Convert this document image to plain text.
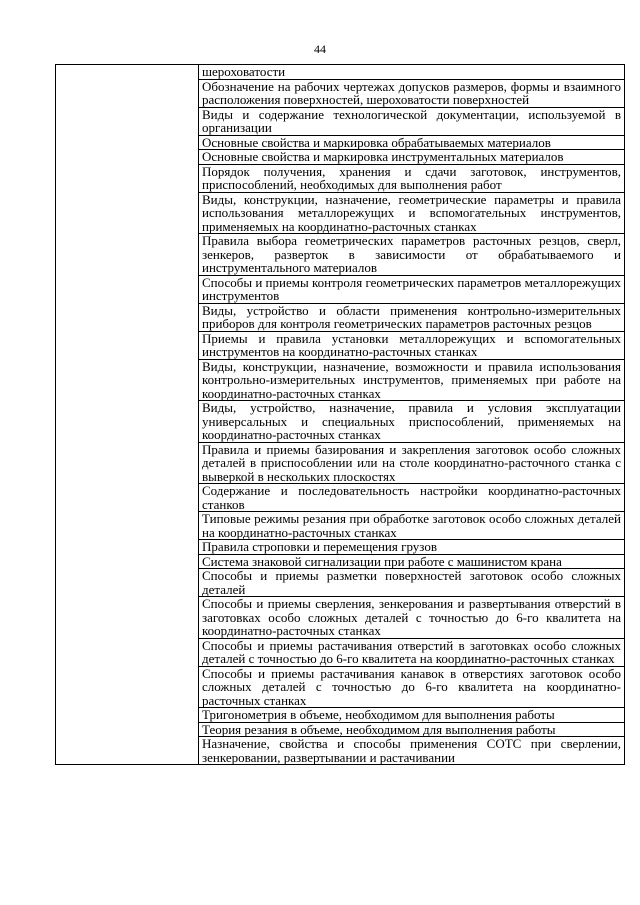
44
	шероховатости
Обозначение на рабочих чертежах допусков размеров, формы и взаимного расположения поверхностей, шероховатости поверхностей
Виды и содержание технологической документации, используемой в организации
Основные свойства и маркировка обрабатываемых материалов
Основные свойства и маркировка инструментальных материалов
Порядок получения, хранения и сдачи заготовок, инструментов, приспособлений, необходимых для выполнения работ
Виды, конструкции, назначение, геометрические параметры и правила использования металлорежущих и вспомогательных инструментов, применяемых на координатно-расточных станках
Правила выбора геометрических параметров расточных резцов, сверл, зенкеров, разверток в зависимости от обрабатываемого и инструментального материалов
Способы и приемы контроля геометрических параметров металлорежущих инструментов
Виды, устройство и области применения контрольно-измерительных приборов для контроля геометрических параметров расточных резцов
Приемы и правила установки металлорежущих и вспомогательных инструментов на координатно-расточных станках
Виды, конструкции, назначение, возможности и правила использования контрольно-измерительных инструментов, применяемых при работе на координатно-расточных станках
Виды, устройство, назначение, правила и условия эксплуатации универсальных и специальных приспособлений, применяемых на координатно-расточных станках
Правила и приемы базирования и закрепления заготовок особо сложных деталей в приспособлении или на столе координатно-расточного станка с выверкой в нескольких плоскостях
Содержание и последовательность настройки координатно-расточных станков
Типовые режимы резания при обработке заготовок особо сложных деталей на координатно-расточных станках
Правила строповки и перемещения грузов
Система знаковой сигнализации при работе с машинистом крана
Способы и приемы разметки поверхностей заготовок особо сложных деталей
Способы и приемы сверления, зенкерования и развертывания отверстий в заготовках особо сложных деталей с точностью до 6-го квалитета на координатно-расточных станках
Способы и приемы растачивания отверстий в заготовках особо сложных деталей с точностью до 6-го квалитета на координатно-расточных станках
Способы и приемы растачивания канавок в отверстиях заготовок особо сложных деталей с точностью до 6-го квалитета на координатно-расточных станках
Тригонометрия в объеме, необходимом для выполнения работы
Теория резания в объеме, необходимом для выполнения работы
Назначение, свойства и способы применения СОТС при сверлении, зенкеровании, развертывании и растачивании
